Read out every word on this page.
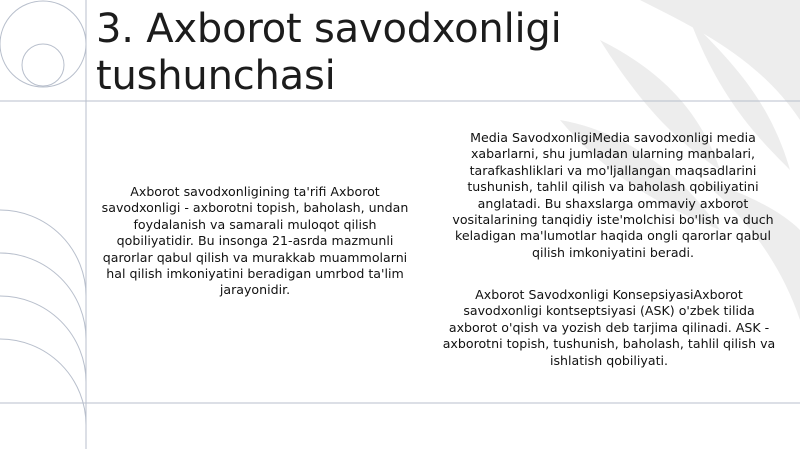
3. Axborot savodxonligi tushunchasi

Axborot savodxonligining ta'rifi Axborot savodxonligi - axborotni topish, baholash, undan foydalanish va samarali muloqot qilish qobiliyatidir. Bu insonga 21-asrda mazmunli qarorlar qabul qilish va murakkab muammolarni hal qilish imkoniyatini beradigan umrbod ta'lim jarayonidir.

Media SavodxonligiMedia savodxonligi media xabarlarni, shu jumladan ularning manbalari, tarafkashliklari va mo'ljallangan maqsadlarini tushunish, tahlil qilish va baholash qobiliyatini anglatadi. Bu shaxslarga ommaviy axborot vositalarining tanqidiy iste'molchisi bo'lish va duch keladigan ma'lumotlar haqida ongli qarorlar qabul qilish imkoniyatini beradi.

Axborot Savodxonligi KonsepsiyasiAxborot savodxonligi kontseptsiyasi (ASK) o'zbek tilida axborot o'qish va yozish deb tarjima qilinadi. ASK - axborotni topish, tushunish, baholash, tahlil qilish va ishlatish qobiliyati.
